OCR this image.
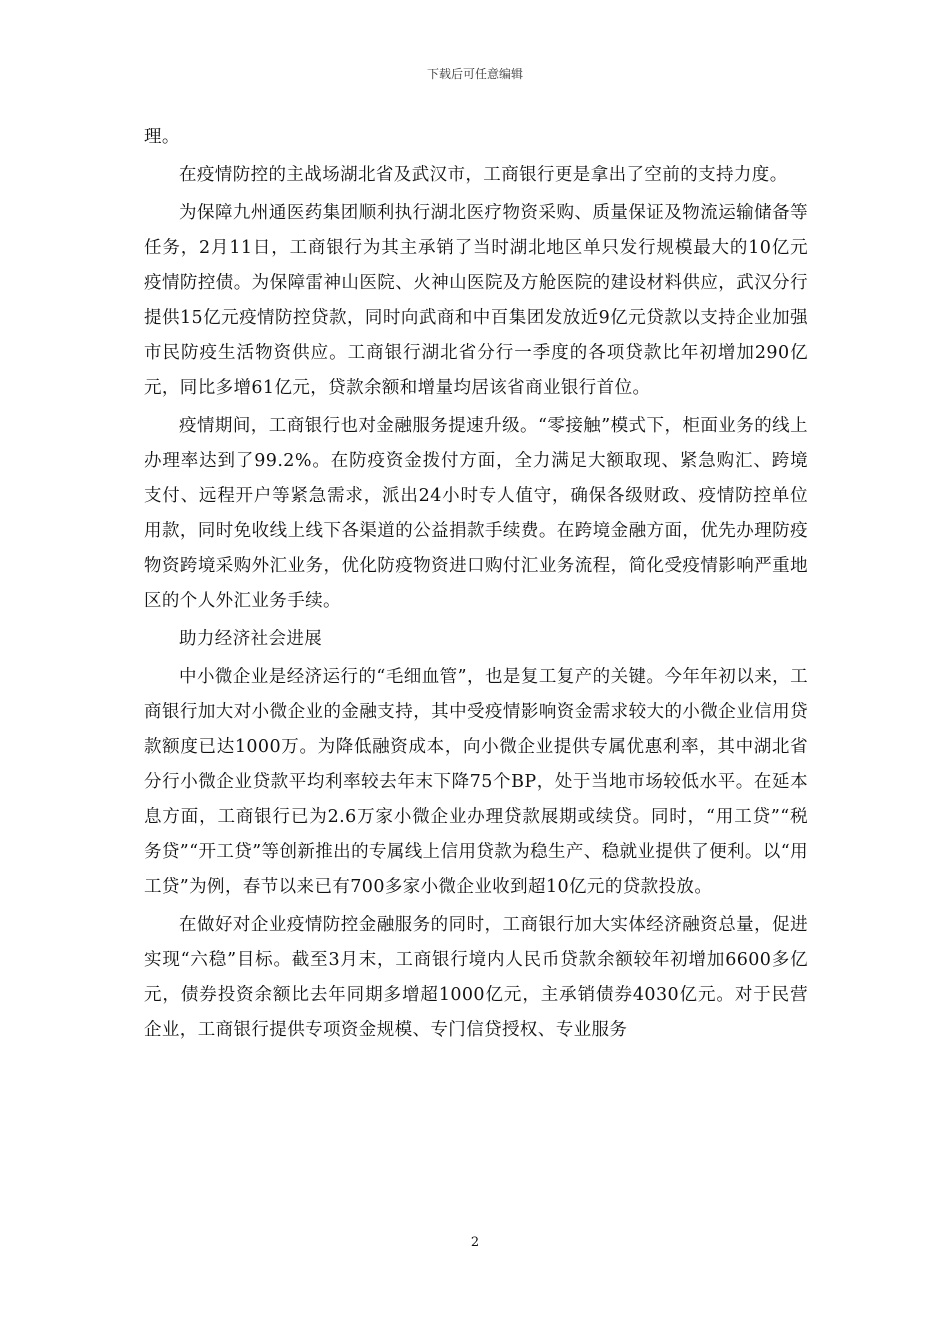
下载后可任意编辑

理。

在疫情防控的主战场湖北省及武汉市，工商银行更是拿出了空前的支持力度。

为保障九州通医药集团顺利执行湖北医疗物资采购、质量保证及物流运输储备等任务，2月11日，工商银行为其主承销了当时湖北地区单只发行规模最大的10亿元疫情防控债。为保障雷神山医院、火神山医院及方舱医院的建设材料供应，武汉分行提供15亿元疫情防控贷款，同时向武商和中百集团发放近9亿元贷款以支持企业加强市民防疫生活物资供应。工商银行湖北省分行一季度的各项贷款比年初增加290亿元，同比多增61亿元，贷款余额和增量均居该省商业银行首位。

疫情期间，工商银行也对金融服务提速升级。“零接触”模式下，柜面业务的线上办理率达到了99.2%。在防疫资金拨付方面，全力满足大额取现、紧急购汇、跨境支付、远程开户等紧急需求，派出24小时专人值守，确保各级财政、疫情防控单位用款，同时免收线上线下各渠道的公益捐款手续费。在跨境金融方面，优先办理防疫物资跨境采购外汇业务，优化防疫物资进口购付汇业务流程，简化受疫情影响严重地区的个人外汇业务手续。

助力经济社会进展

中小微企业是经济运行的“毛细血管”，也是复工复产的关键。今年年初以来，工商银行加大对小微企业的金融支持，其中受疫情影响资金需求较大的小微企业信用贷款额度已达1000万。为降低融资成本，向小微企业提供专属优惠利率，其中湖北省分行小微企业贷款平均利率较去年末下降75个BP，处于当地市场较低水平。在延本息方面，工商银行已为2.6万家小微企业办理贷款展期或续贷。同时，“用工贷”“税务贷”“开工贷”等创新推出的专属线上信用贷款为稳生产、稳就业提供了便利。以“用工贷”为例，春节以来已有700多家小微企业收到超10亿元的贷款投放。

在做好对企业疫情防控金融服务的同时，工商银行加大实体经济融资总量，促进实现“六稳”目标。截至3月末，工商银行境内人民币贷款余额较年初增加6600多亿元，债券投资余额比去年同期多增超1000亿元，主承销债券4030亿元。对于民营企业，工商银行提供专项资金规模、专门信贷授权、专业服务

2
